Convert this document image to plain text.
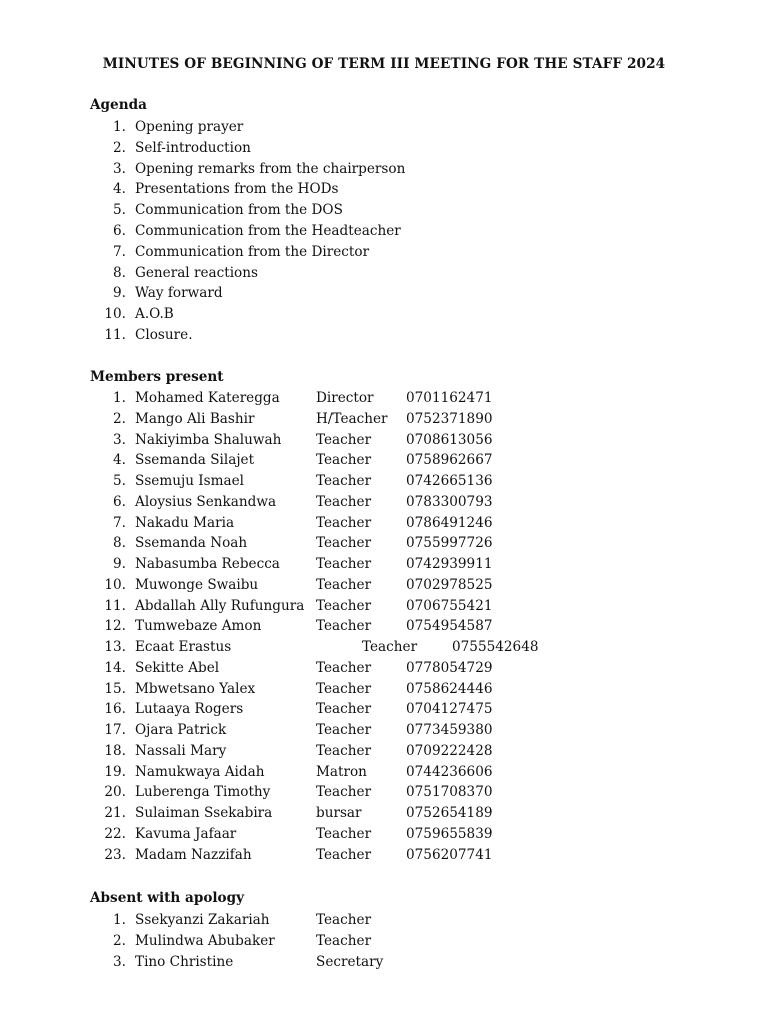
MINUTES OF BEGINNING OF TERM III MEETING FOR THE STAFF 2024
Agenda
1. Opening prayer
2. Self-introduction
3. Opening remarks from the chairperson
4. Presentations from the HODs
5. Communication from the DOS
6. Communication from the Headteacher
7. Communication from the Director
8. General reactions
9. Way forward
10. A.O.B
11. Closure.
Members present
1. Mohamed Kateregga	Director 0701162471
2. Mango Ali Bashir	H/Teacher 0752371890
3. Nakiyimba Shaluwah	Teacher	0708613056
4. Ssemanda Silajet	Teacher	0758962667
5. Ssemuju Ismael	Teacher	0742665136
6. Aloysius Senkandwa	Teacher	0783300793
7. Nakadu Maria	Teacher	0786491246
8. Ssemanda Noah	Teacher	0755997726
9. Nabasumba Rebecca	Teacher	0742939911
10. Muwonge Swaibu	Teacher	0702978525
11. Abdallah Ally Rufungura Teacher	0706755421
12. Tumwebaze Amon	Teacher	0754954587
13. Ecaat Erastus	Teacher	0755542648
14. Sekitte Abel	Teacher	0778054729
15. Mbwetsano Yalex	Teacher	0758624446
16. Lutaaya Rogers	Teacher	0704127475
17. Ojara Patrick	Teacher	0773459380
18. Nassali Mary	Teacher	0709222428
19. Namukwaya Aidah	Matron	0744236606
20. Luberenga Timothy	Teacher	0751708370
21. Sulaiman Ssekabira	bursar	0752654189
22. Kavuma Jafaar	Teacher	0759655839
23. Madam Nazzifah	Teacher	0756207741
Absent with apology
1. Ssekyanzi Zakariah	Teacher
2. Mulindwa Abubaker	Teacher
3. Tino Christine	Secretary
